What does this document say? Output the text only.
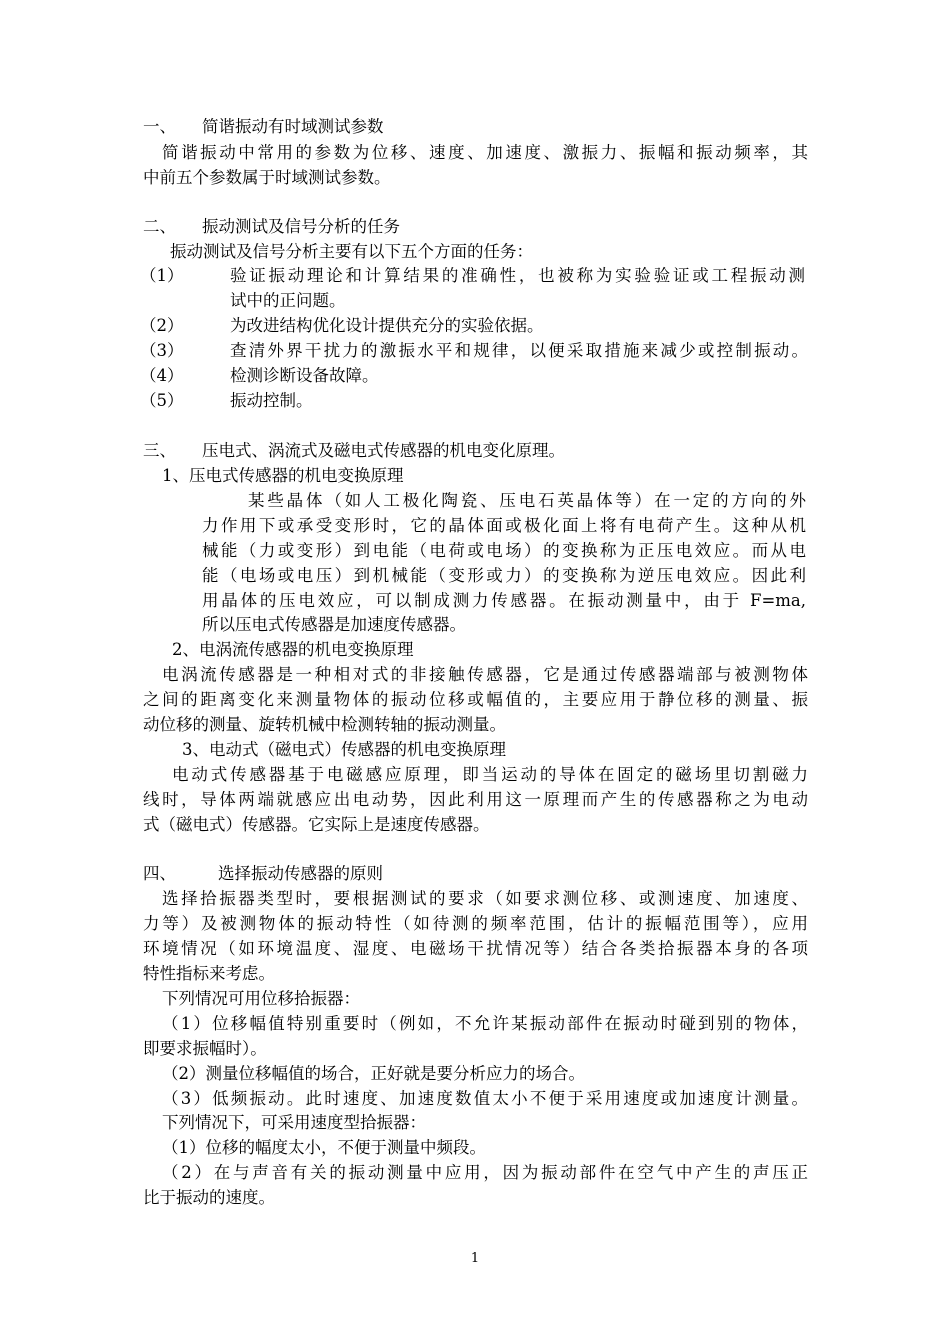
一、 简谐振动有时域测试参数
简谐振动中常用的参数为位移、速度、加速度、激振力、振幅和振动频率，其
中前五个参数属于时域测试参数。
二、 振动测试及信号分析的任务
振动测试及信号分析主要有以下五个方面的任务：
（1）	验证振动理论和计算结果的准确性，也被称为实验验证或工程振动测
试中的正问题。
（2）	为改进结构优化设计提供充分的实验依据。
（3）	查清外界干扰力的激振水平和规律，以便采取措施来减少或控制振动。
（4）	检测诊断设备故障。
（5）	振动控制。
三、 压电式、涡流式及磁电式传感器的机电变化原理。
1、压电式传感器的机电变换原理
某些晶体（如人工极化陶瓷、压电石英晶体等）在一定的方向的外
力作用下或承受变形时，它的晶体面或极化面上将有电荷产生。这种从机
械能（力或变形）到电能（电荷或电场）的变换称为正压电效应。而从电
能（电场或电压）到机械能（变形或力）的变换称为逆压电效应。因此利
用晶体的压电效应，可以制成测力传感器。在振动测量中，由于 F=ma,
所以压电式传感器是加速度传感器。
2、电涡流传感器的机电变换原理
电涡流传感器是一种相对式的非接触传感器，它是通过传感器端部与被测物体
之间的距离变化来测量物体的振动位移或幅值的，主要应用于静位移的测量、振
动位移的测量、旋转机械中检测转轴的振动测量。
3、电动式（磁电式）传感器的机电变换原理
电动式传感器基于电磁感应原理，即当运动的导体在固定的磁场里切割磁力
线时，导体两端就感应出电动势，因此利用这一原理而产生的传感器称之为电动
式（磁电式）传感器。它实际上是速度传感器。
四、	选择振动传感器的原则
选择拾振器类型时，要根据测试的要求（如要求测位移、或测速度、加速度、
力等）及被测物体的振动特性（如待测的频率范围，估计的振幅范围等），应用
环境情况（如环境温度、湿度、电磁场干扰情况等）结合各类拾振器本身的各项
特性指标来考虑。
下列情况可用位移拾振器：
（1）位移幅值特别重要时（例如，不允许某振动部件在振动时碰到别的物体，
即要求振幅时）。
（2）测量位移幅值的场合，正好就是要分析应力的场合。
（3）低频振动。此时速度、加速度数值太小不便于采用速度或加速度计测量。
下列情况下，可采用速度型拾振器：
（1）位移的幅度太小，不便于测量中频段。
（2）在与声音有关的振动测量中应用，因为振动部件在空气中产生的声压正
比于振动的速度。
1
